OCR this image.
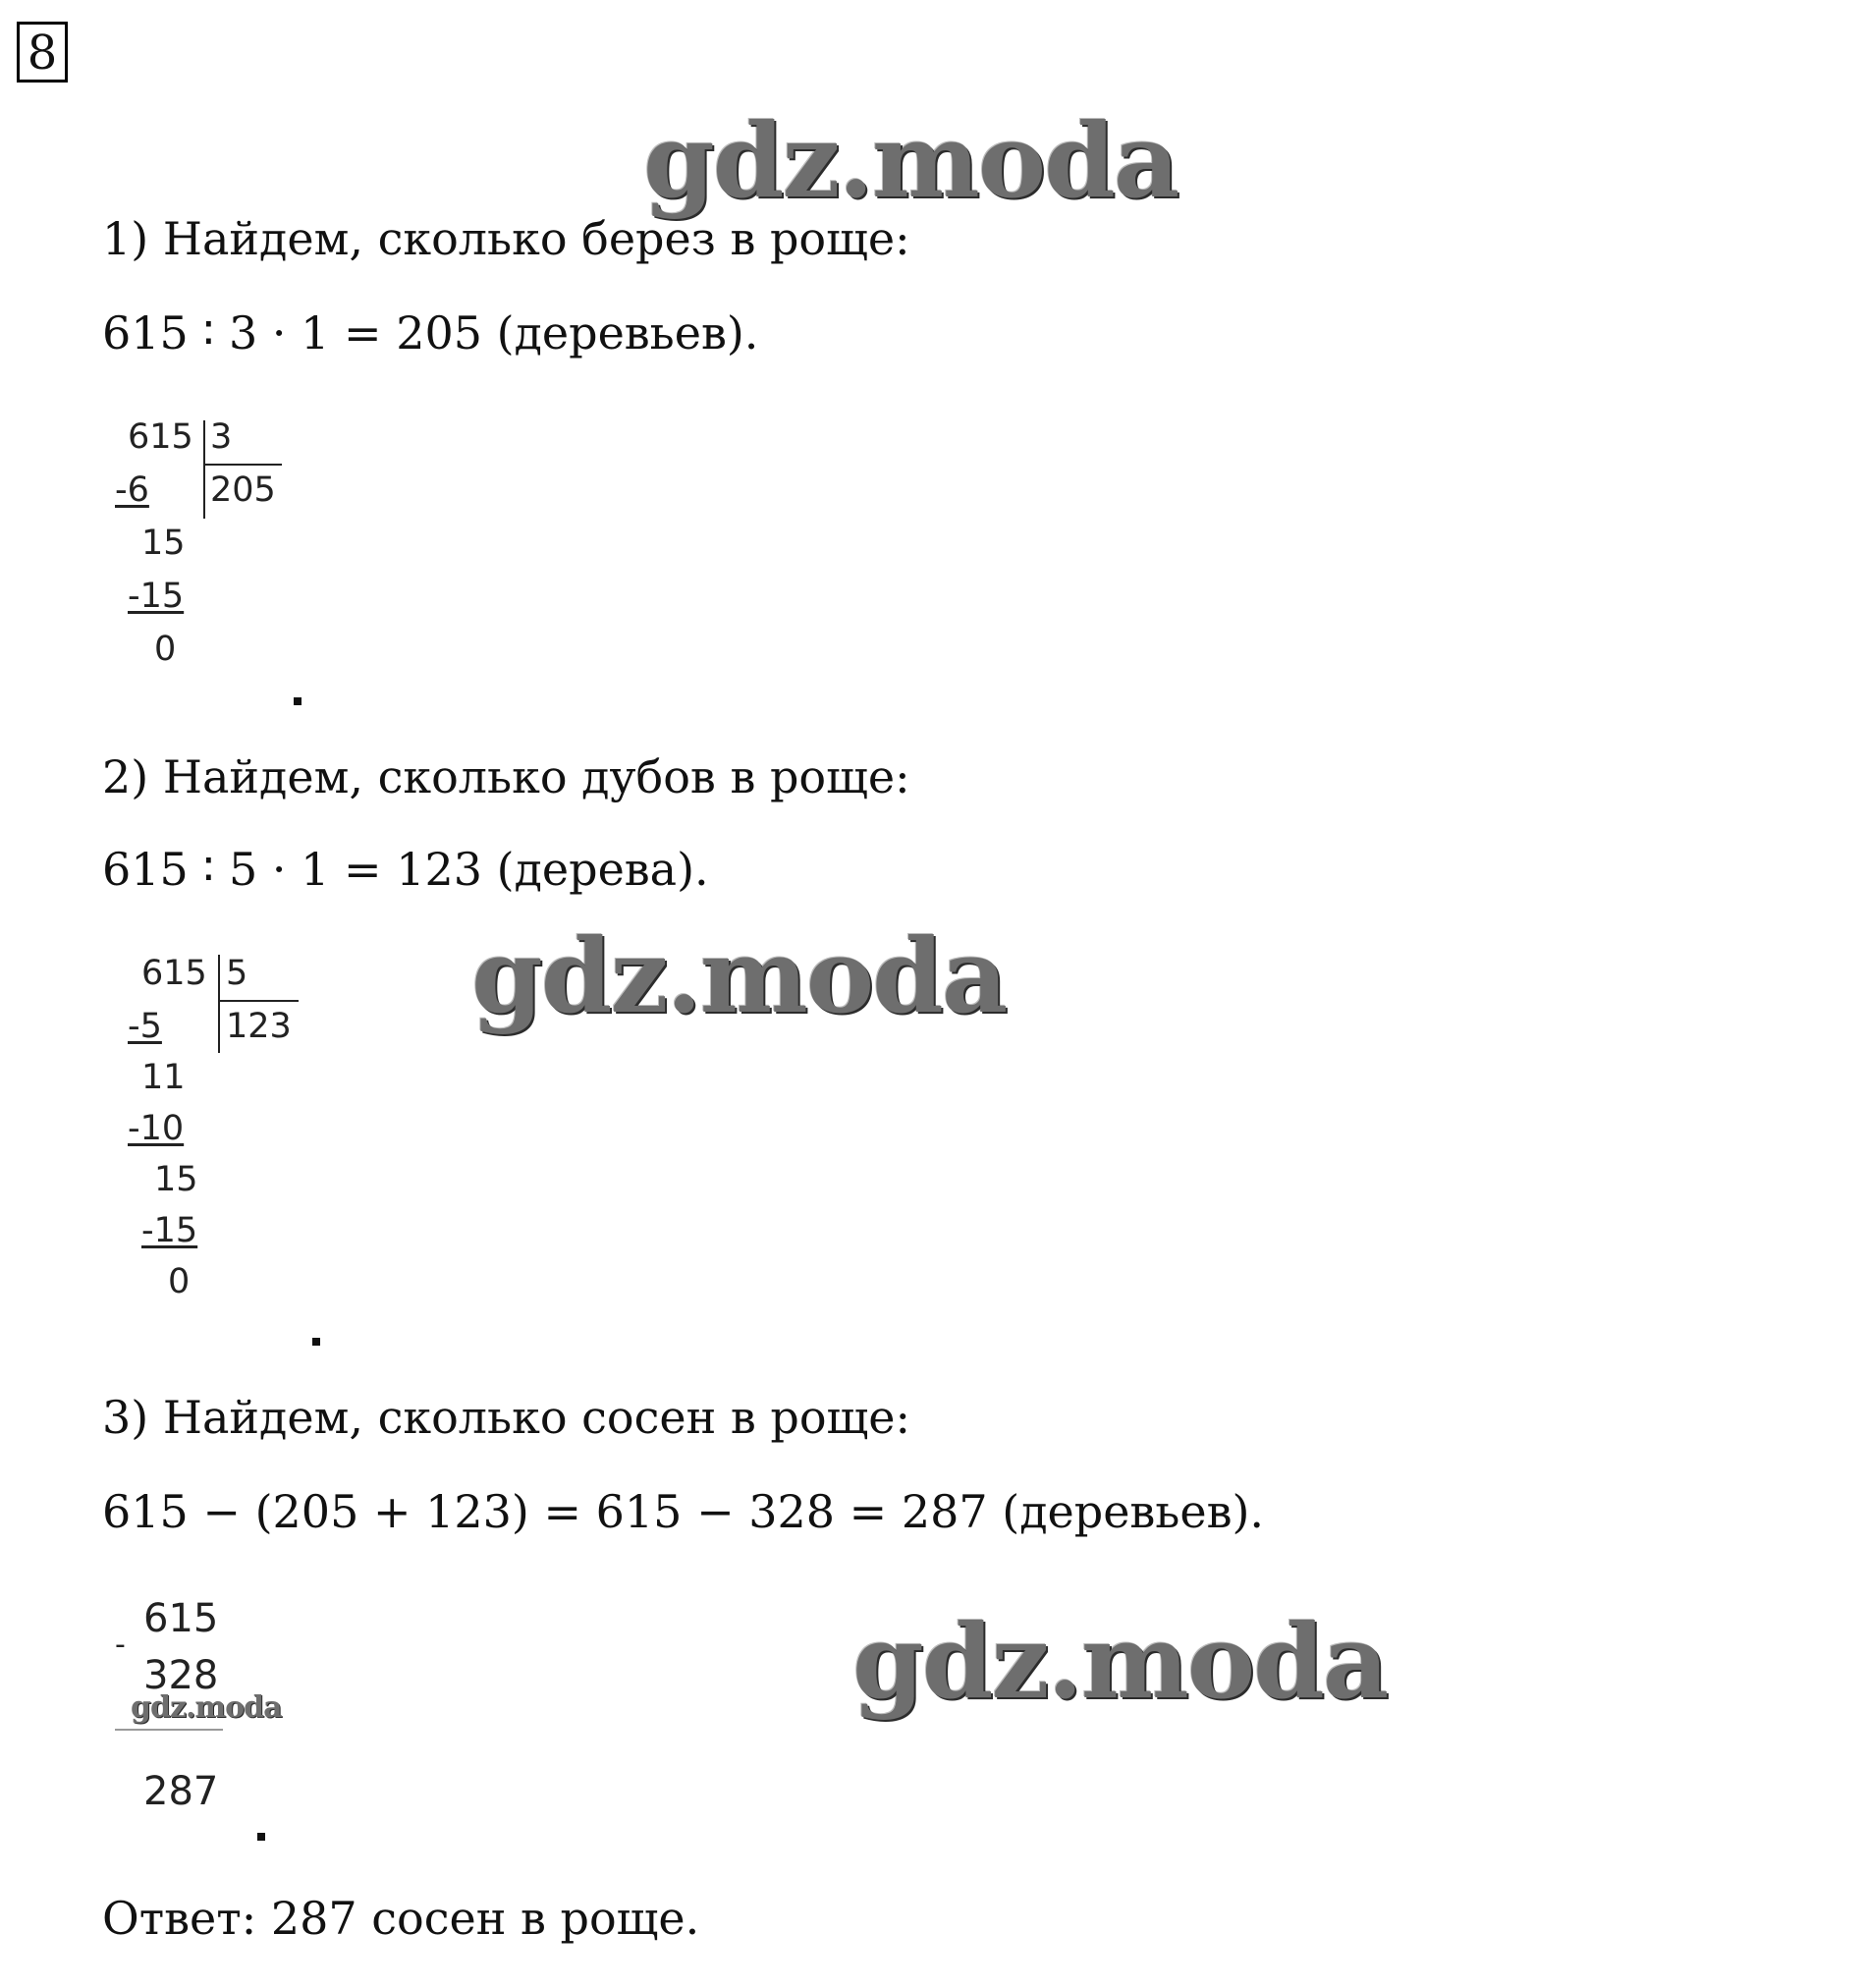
8
gdz.moda
1) Найдем, сколько берез в роще:
615 ∶ 3 · 1 = 205 (деревьев).
615 3
205
-6
15
-15
0
2) Найдем, сколько дубов в роще:
615 ∶ 5 · 1 = 123 (дерева).
615 5
123
-5
11
-10
15
-15
0
gdz.moda
3) Найдем, сколько сосен в роще:
615 − (205 + 123) = 615 − 328 = 287 (деревьев).
-
615
328
gdz.moda
287
gdz.moda
Ответ: 287 сосен в роще.
